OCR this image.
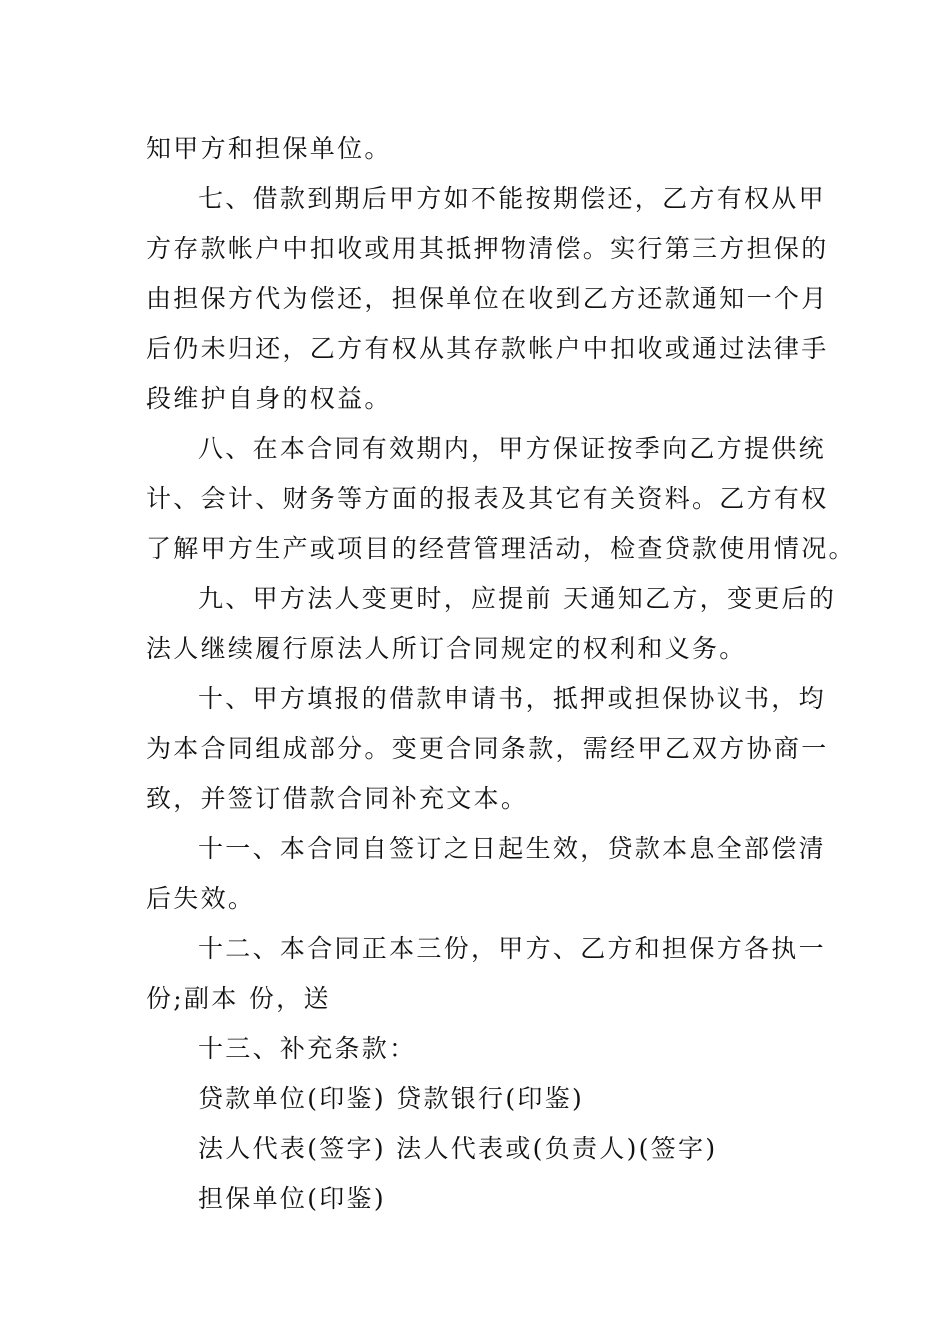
知甲方和担保单位。
七、借款到期后甲方如不能按期偿还，乙方有权从甲
方存款帐户中扣收或用其抵押物清偿。实行第三方担保的
由担保方代为偿还，担保单位在收到乙方还款通知一个月
后仍未归还，乙方有权从其存款帐户中扣收或通过法律手
段维护自身的权益。
八、在本合同有效期内，甲方保证按季向乙方提供统
计、会计、财务等方面的报表及其它有关资料。乙方有权
了解甲方生产或项目的经营管理活动，检查贷款使用情况。
九、甲方法人变更时，应提前 天通知乙方，变更后的
法人继续履行原法人所订合同规定的权利和义务。
十、甲方填报的借款申请书，抵押或担保协议书，均
为本合同组成部分。变更合同条款，需经甲乙双方协商一
致，并签订借款合同补充文本。
十一、本合同自签订之日起生效，贷款本息全部偿清
后失效。
十二、本合同正本三份，甲方、乙方和担保方各执一
份;副本 份，送
十三、补充条款：
贷款单位(印鉴) 贷款银行(印鉴)
法人代表(签字) 法人代表或(负责人)(签字)
担保单位(印鉴)
